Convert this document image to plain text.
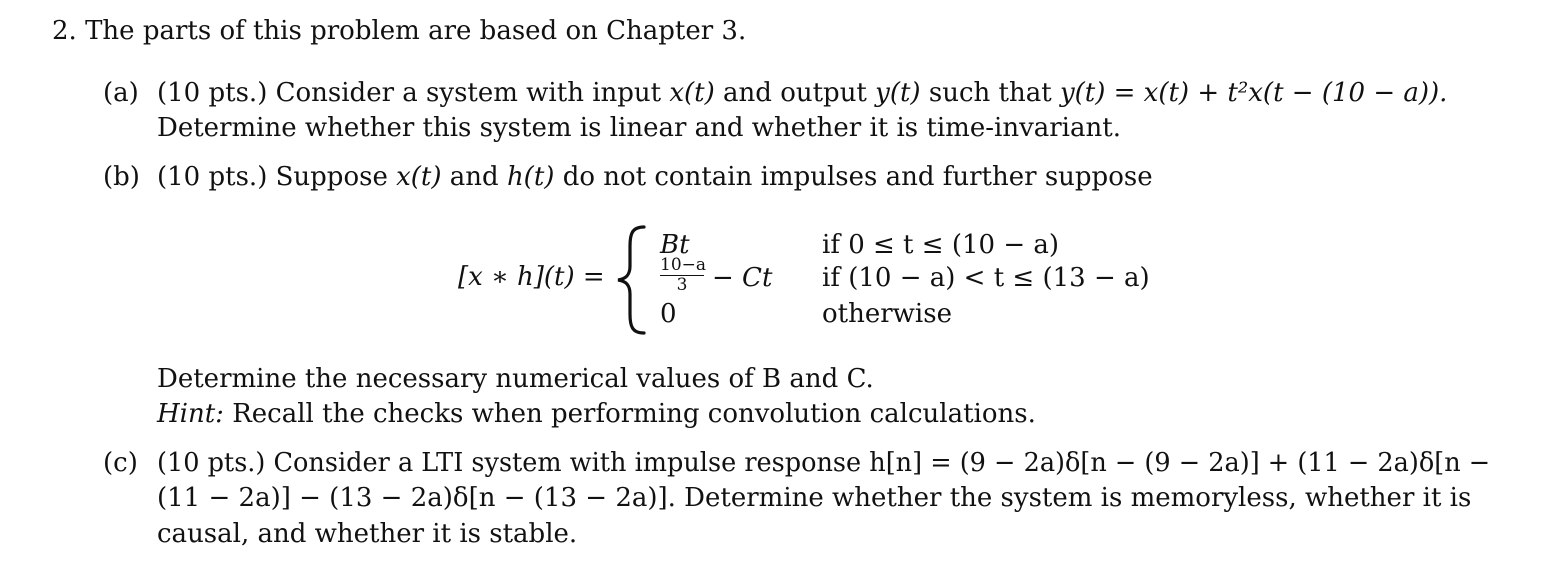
2. The parts of this problem are based on Chapter 3.
(a) (10 pts.) Consider a system with input x(t) and output y(t) such that y(t) = x(t) + t²x(t − (10 − a)).
Determine whether this system is linear and whether it is time-invariant.
(b) (10 pts.) Suppose x(t) and h(t) do not contain impulses and further suppose
[x ∗ h](t) =
Bt	if 0 ≤ t ≤ (10 − a)
$\frac{10-a}{3} - Ct$ if (10 − a) < t ≤ (13 − a)
0	otherwise
Determine the necessary numerical values of B and C.
Hint: Recall the checks when performing convolution calculations.
(c) (10 pts.) Consider a LTI system with impulse response h[n] = (9 − 2a)δ[n − (9 − 2a)] + (11 − 2a)δ[n −
(11 − 2a)] − (13 − 2a)δ[n − (13 − 2a)]. Determine whether the system is memoryless, whether it is
causal, and whether it is stable.
